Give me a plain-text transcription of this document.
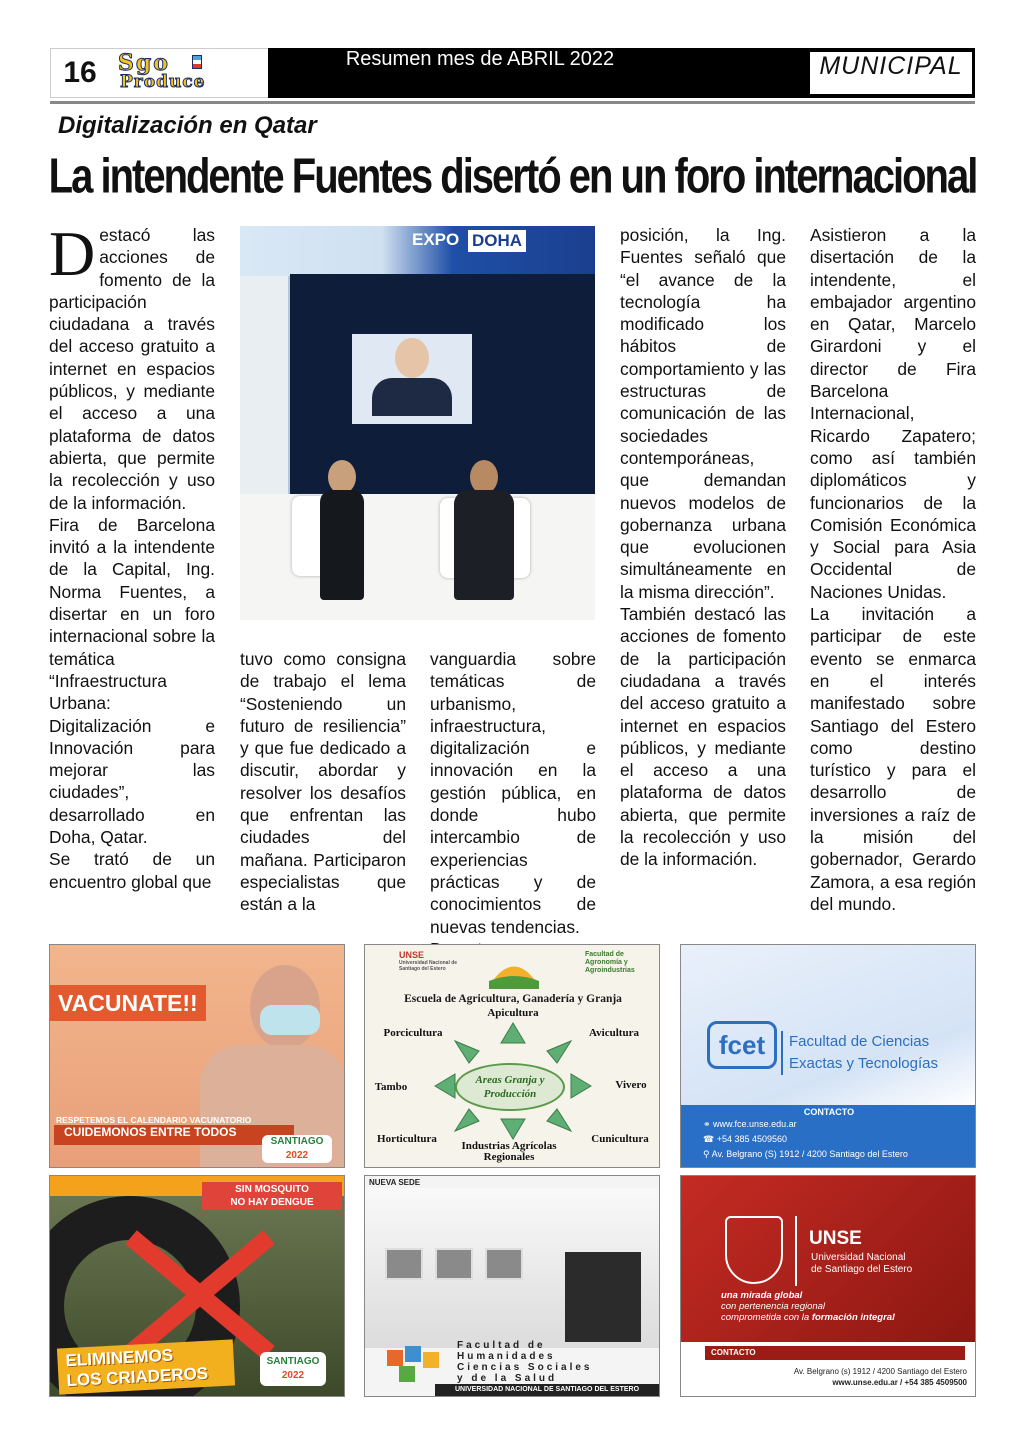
16 Sgo
Produce
Resumen mes de ABRIL 2022	MUNICIPAL
Digitalización en Qatar
La intendente Fuentes disertó en un foro internacional

Destacó las acciones de fomento de la participación ciudadana a través del acceso gratuito a internet en espacios públicos, y mediante el acceso a una plataforma de datos abierta, que permite la recolección y uso de la información.

Fira de Barcelona invitó a la intendente de la Capital, Ing. Norma Fuentes, a disertar en un foro internacional sobre la temática “Infraestructura Urbana: Digitalización e Innovación para mejorar las ciudades”, desarrollado en Doha, Qatar.

Se trató de un encuentro global que

EXPO DOHA

tuvo como consigna de trabajo el lema “Sosteniendo un futuro de resiliencia” y que fue dedicado a discutir, abordar y resolver los desafíos que enfrentan las ciudades del mañana. Participaron especialistas que están a la

vanguardia sobre temáticas de urbanismo, infraestructura, digitalización e innovación en la gestión pública, en donde hubo intercambio de experiencias prácticas y de conocimientos de nuevas tendencias.

posición, la Ing. Fuentes señaló que “el avance de la tecnología ha modificado los hábitos de comportamiento y las estructuras de comunicación de las sociedades contemporáneas, que demandan nuevos modelos de gobernanza urbana que evolucionen simultáneamente en la misma dirección”.

También destacó las acciones de fomento de la participación ciudadana a través del acceso gratuito a internet en espacios públicos, y mediante el acceso a una plataforma de datos abierta, que permite la recolección y uso de la información.

Asistieron a la disertación de la intendente, el embajador argentino en Qatar, Marcelo Girardoni y el director de Fira Barcelona Internacional, Ricardo Zapatero; como así también diplomáticos y funcionarios de la Comisión Económica y Social para Asia Occidental de Naciones Unidas.

La invitación a participar de este evento se enmarca en el interés manifestado sobre Santiago del Estero como destino turístico y para el desarrollo de inversiones a raíz de la misión del gobernador, Gerardo Zamora, a esa región del mundo.

VACUNATE!!
RESPETEMOS EL CALENDARIO VACUNATORIO
CUIDEMONOS ENTRE TODOS
SANTIAGO
2022
UNSE
Universidad Nacional de Santiago del Estero
Facultad de Agronomía y Agroindustrias
Escuela de Agricultura, Ganadería y Granja
Apicultura
Porcicultura	Avicultura
Tambo	Vivero
Horticultura	Cunicultura
Industrias Agrícolas Regionales
Areas Granja y Producción
fcet	Facultad de Ciencias
Exactas y Tecnologías
CONTACTO
⚭ www.fce.unse.edu.ar
☎ +54 385 4509560
⚲ Av. Belgrano (S) 1912 / 4200 Santiago del Estero
SIN MOSQUITO
NO HAY DENGUE
ELIMINEMOS
LOS CRIADEROS
SANTIAGO
2022
NUEVA SEDE
Facultad de
Humanidades
Ciencias Sociales
y de la Salud
UNIVERSIDAD NACIONAL DE SANTIAGO DEL ESTERO
UNSE
Universidad Nacional
de Santiago del Estero
una mirada global
con pertenencia regional
comprometida con la formación integral
CONTACTO
Av. Belgrano (s) 1912 / 4200 Santiago del Estero
www.unse.edu.ar / +54 385 4509500
